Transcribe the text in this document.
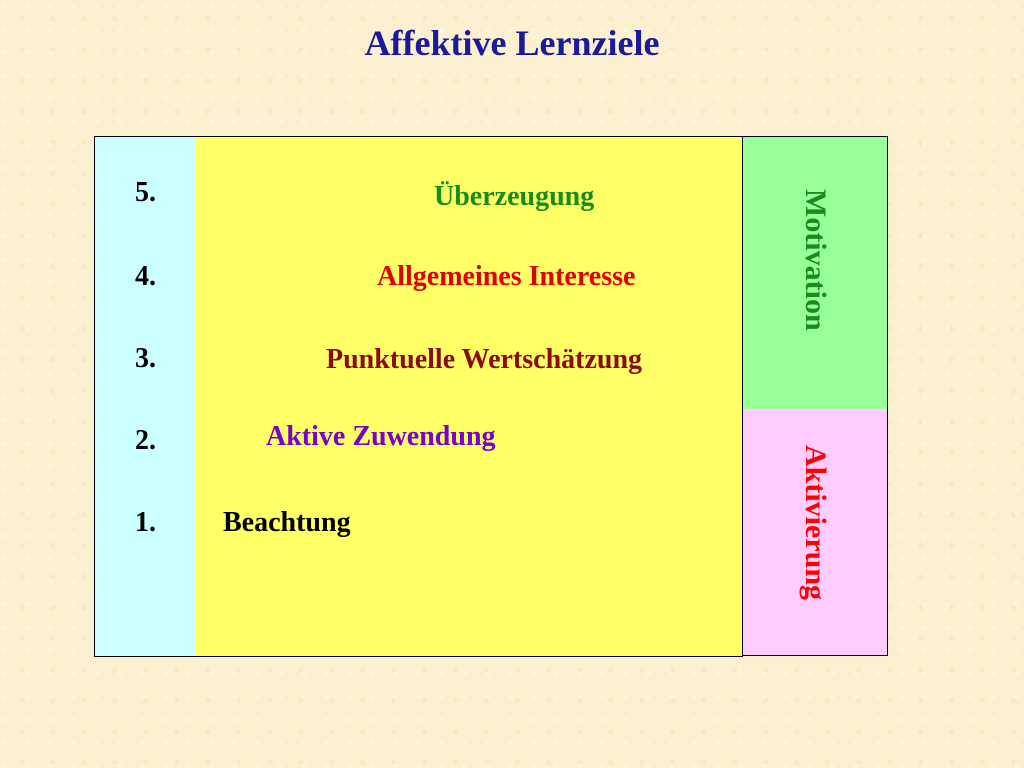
Affektive Lernziele
5.
4.
3.
2.
1.
Überzeugung
Allgemeines Interesse
Punktuelle Wertschätzung
Aktive Zuwendung
Beachtung
Motivation
Aktivierung
